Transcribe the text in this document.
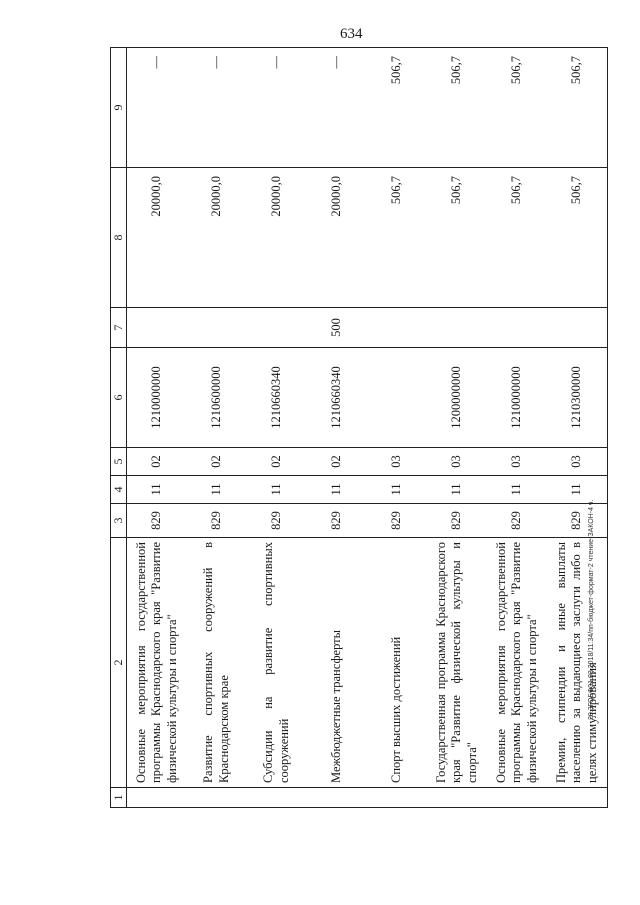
634
20.3ГОБФ01.03.2018/11:34/пп-бюджет-формат-2 чтение-ЗАКОН-4 ч.
1	2	3	4	5	6	7	8	9
	Основные мероприятия государственной программы Краснодарского края "Развитие физической культуры и спорта"	829	11	02	1210000000		20000,0	—
	Развитие спортивных сооружений в Краснодарском крае	829	11	02	1210600000		20000,0	—
	Субсидии на развитие спортивных сооружений	829	11	02	1210660340		20000,0	—
	Межбюджетные трансферты	829	11	02	1210660340	500	20000,0	—
	Спорт высших достижений	829	11	03			506,7	506,7
	Государственная программа Краснодарского края "Развитие физической культуры и спорта"	829	11	03	1200000000		506,7	506,7
	Основные мероприятия государственной программы Краснодарского края "Развитие физической культуры и спорта"	829	11	03	1210000000		506,7	506,7
	Премии, стипендии и иные выплаты населению за выдающиеся заслуги либо в целях стимулирования	829	11	03	1210300000		506,7	506,7
